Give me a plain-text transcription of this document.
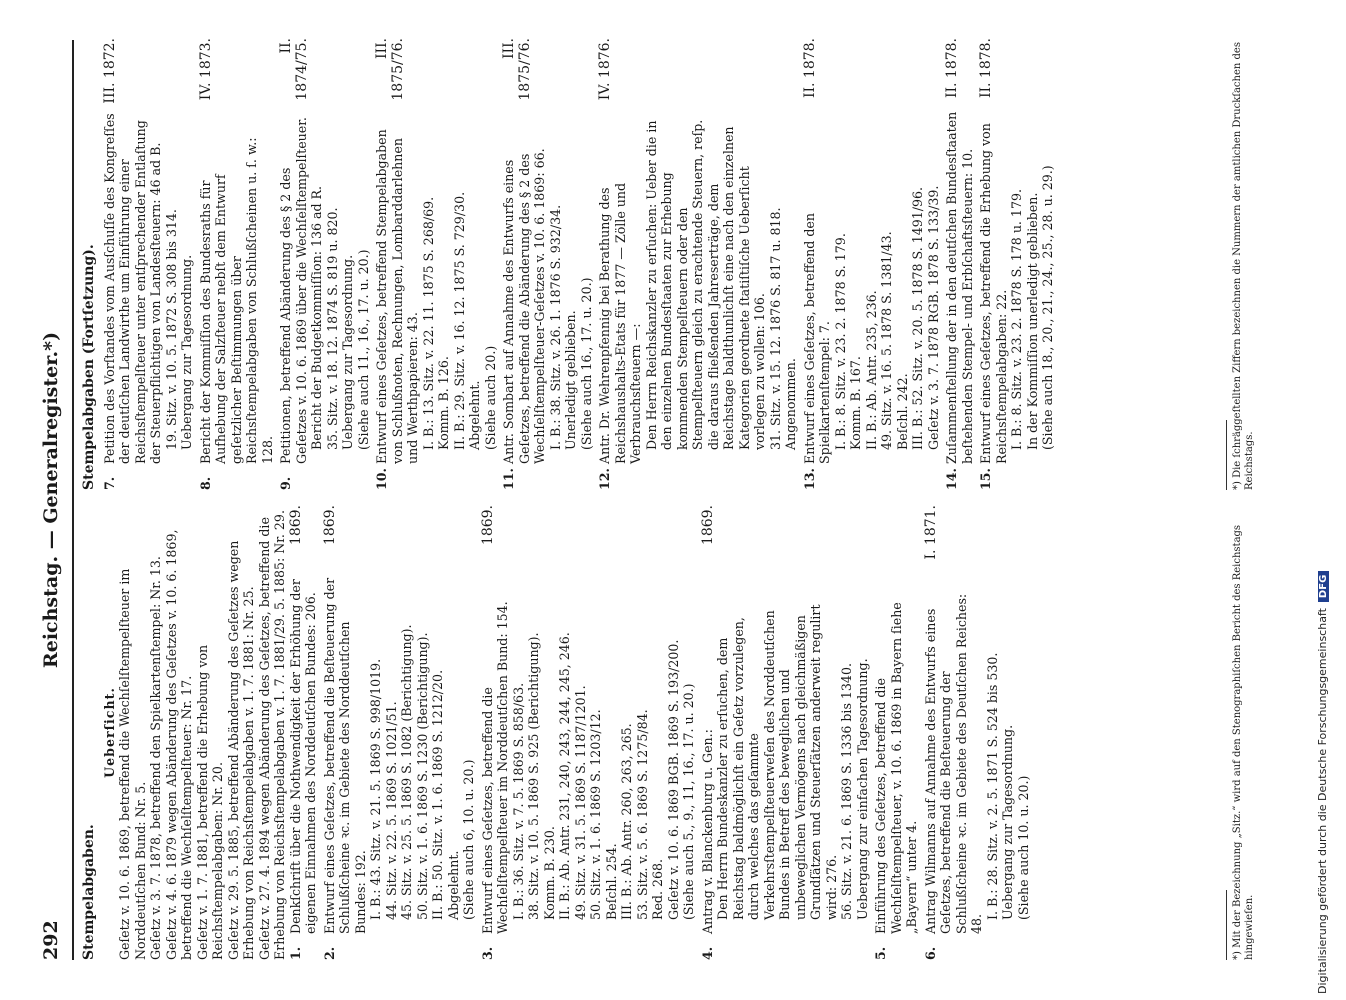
292
Reichstag. — Generalregister.*)
Stempelabgaben.
Ueberſicht. Geſetz v. 10. 6. 1869, betreffend die Wechſelſtempelſteuer im Norddeutſchen Bund: Nr. 5. Geſetz v. 3. 7. 1878, betreffend den Spielkartenſtempel: Nr. 13. Geſetz v. 4. 6. 1879 wegen Abänderung des Geſetzes v. 10. 6. 1869, betreffend die Wechſelſtempelſteuer: Nr. 17. Geſetz v. 1. 7. 1881, betreffend die Erhebung von Reichsſtempelabgaben: Nr. 20. Geſetz v. 29. 5. 1885, betreffend Abänderung des Geſetzes wegen Erhebung von Reichsſtempelabgaben v. 1. 7. 1881: Nr. 25. Geſetz v. 27. 4. 1894 wegen Abänderung des Geſetzes, betreffend die Erhebung von Reichsſtempelabgaben v. 1. 7. 1881/29. 5. 1885: Nr. 29. 1.
1869.
Denkſchrift über die Nothwendigkeit der Erhöhung der eigenen Einnahmen des Norddeutſchen Bundes: 206.
2.
1869.
Entwurf eines Geſetzes, betreffend die Beſteuerung der Schlußſcheine ꝛc. im Gebiete des Norddeutſchen Bundes: 192. I. B.: 43. Sitz. v. 21. 5. 1869 S. 998/1019. 44. Sitz. v. 22. 5. 1869 S. 1021/51. 45. Sitz. v. 25. 5. 1869 S. 1082 (Berichtigung). 50. Sitz. v. 1. 6. 1869 S. 1230 (Berichtigung). II. B.: 50. Sitz. v. 1. 6. 1869 S. 1212/20. Abgelehnt. (Siehe auch 6, 10. u. 20.)
3.
1869.
Entwurf eines Geſetzes, betreffend die Wechſelſtempelſteuer im Norddeutſchen Bund: 154. I. B.: 36. Sitz. v. 7. 5. 1869 S. 858/63. 38. Sitz. v. 10. 5. 1869 S. 925 (Berichtigung). Komm. B. 230. II. B.: Ab. Antr. 231, 240, 243, 244, 245, 246. 49. Sitz. v. 31. 5. 1869 S. 1187/1201. 50. Sitz. v. 1. 6. 1869 S. 1203/12. Beſchl. 254. III. B.: Ab. Antr. 260, 263, 265. 53. Sitz. v. 5. 6. 1869 S. 1275/84. Red. 268. Geſetz v. 10. 6. 1869 BGB. 1869 S. 193/200. (Siehe auch 5., 9., 11, 16., 17. u. 20.)
4.
1869.
Antrag v. Blanckenburg u. Gen.: Den Herrn Bundeskanzler zu erſuchen, dem Reichstag baldmöglichſt ein Geſetz vorzulegen, durch welches das geſammte Verkehrsſtempelſteuerweſen des Norddeutſchen Bundes in Betreff des beweglichen und unbeweglichen Vermögens nach gleichmäßigen Grundſätzen und Steuerſätzen anderweit regulirt wird: 276. 56. Sitz. v. 21. 6. 1869 S. 1336 bis 1340. Uebergang zur einfachen Tagesordnung.
5.
Einführung des Geſetzes, betreffend die Wechſelſtempelſteuer, v. 10. 6. 1869 in Bayern ſiehe „Bayern“ unter 4.
6.
I. 1871.
Antrag Wilmanns auf Annahme des Entwurfs eines Geſetzes, betreffend die Beſteuerung der Schlußſcheine ꝛc. im Gebiete des Deutſchen Reiches: 48.
I. B.: 28. Sitz. v. 2. 5. 1871 S. 524 bis 530. Uebergang zur Tagesordnung. (Siehe auch 10. u. 20.)
Stempelabgaben (Fortſetzung). 7.
III. 1872.
Petition des Vorſtandes vom Ausſchuſſe des Kongreſſes der deutſchen Landwirthe um Einführung einer Reichsſtempelſteuer unter entſprechender Entlaſtung der Steuerpflichtigen von Landesſteuern: 46 ad B. 19. Sitz. v. 10. 5. 1872 S. 308 bis 314. Uebergang zur Tagesordnung.
8.
IV. 1873.
Bericht der Kommiſſion des Bundesraths für Aufhebung der Salzſteuer nebſt dem Entwurf geſetzlicher Beſtimmungen über Reichsſtempelabgaben von Schlußſcheinen u. ſ. w.: 128.
9.
II. 1874/75.
Petitionen, betreffend Abänderung des § 2 des Geſetzes v. 10. 6. 1869 über die Wechſelſtempelſteuer. Bericht der Budgetkommiſſion: 136 ad R. 35. Sitz. v. 18. 12. 1874 S. 819 u. 820. Uebergang zur Tagesordnung. (Siehe auch 11., 16., 17. u. 20.)
10.
III. 1875/76.
Entwurf eines Geſetzes, betreffend Stempelabgaben von Schlußnoten, Rechnungen, Lombarddarlehnen und Werthpapieren: 43. I. B.: 13. Sitz. v. 22. 11. 1875 S. 268/69. Komm. B. 126. II. B.: 29. Sitz. v. 16. 12. 1875 S. 729/30. Abgelehnt. (Siehe auch 20.)
11.
III. 1875/76.
Antr. Sombart auf Annahme des Entwurfs eines Geſetzes, betreffend die Abänderung des § 2 des Wechſelſtempelſteuer-Geſetzes v. 10. 6. 1869: 66. I. B.: 38. Sitz. v. 26. 1. 1876 S. 932/34. Unerledigt geblieben. (Siehe auch 16., 17. u. 20.)
12.
IV. 1876.
Antr. Dr. Wehrenpfennig bei Berathung des Reichshaushalts-Etats für 1877 — Zölle und Verbrauchsſteuern —: Den Herrn Reichskanzler zu erſuchen: Ueber die in den einzelnen Bundesſtaaten zur Erhebung kommenden Stempelſteuern oder den Stempelſteuern gleich zu erachtende Steuern, reſp. die daraus fließenden Jahreserträge, dem Reichstage baldthunlichſt eine nach den einzelnen Kategorien geordnete ſtatiſtiſche Ueberſicht vorlegen zu wollen: 106. 31. Sitz. v. 15. 12. 1876 S. 817 u. 818. Angenommen.
13.
II. 1878.
Entwurf eines Geſetzes, betreffend den Spielkartenſtempel: 7. I. B.: 8. Sitz. v. 23. 2. 1878 S. 179. Komm. B. 167. II. B.: Ab. Antr. 235, 236. 49. Sitz. v. 16. 5. 1878 S. 1381/43. Beſchl. 242. III. B.: 52. Sitz. v. 20. 5. 1878 S. 1491/96. Geſetz v. 3. 7. 1878 RGB. 1878 S. 133/39.
14.
II. 1878.
Zuſammenſtellung der in den deutſchen Bundesſtaaten beſtehenden Stempel- und Erbſchaftsſteuern: 10.
15.
II. 1878.
Entwurf eines Geſetzes, betreffend die Erhebung von Reichsſtempelabgaben: 22. I. B.: 8. Sitz. v. 23. 2. 1878 S. 178 u. 179. In der Kommiſſion unerledigt geblieben. (Siehe auch 18., 20., 21., 24., 25., 28. u. 29.)
*) Mit der Bezeichnung „Sitz.“ wird auf den Stenographiſchen Bericht des Reichstags hingewieſen.
*) Die ſchräggeſtellten Ziffern bezeichnen die Nummern der amtlichen Druckſachen des Reichstags.
Digitalisierung gefördert durch die Deutsche ForschungsgemeinschaftDFG
